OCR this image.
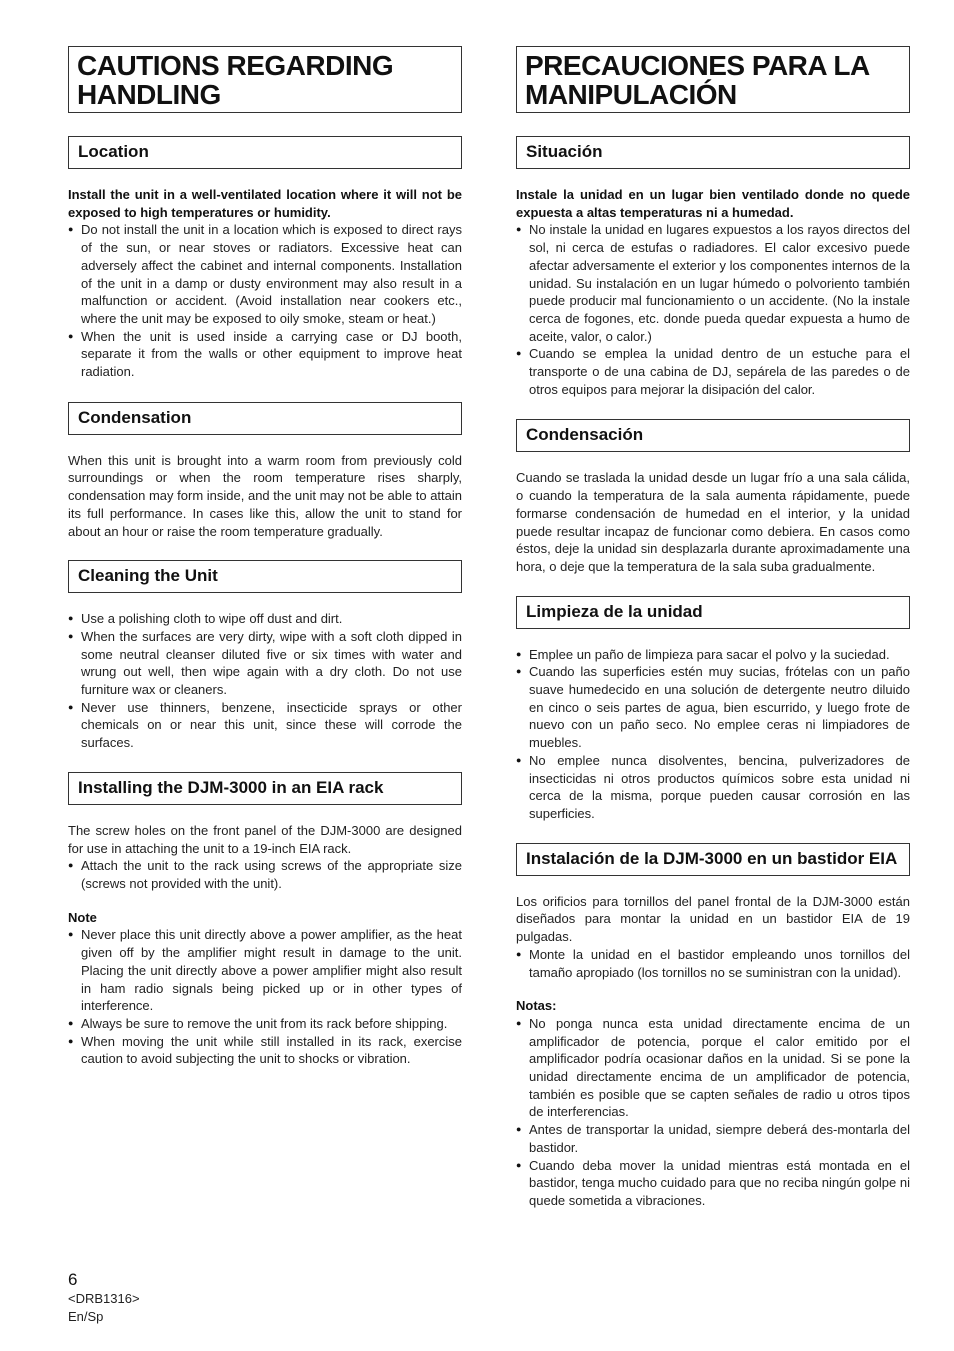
CAUTIONS REGARDING HANDLING
Location

Install the unit in a well-ventilated location where it will not be exposed to high temperatures or humidity.

● Do not install the unit in a location which is exposed to direct rays of the sun, or near stoves or radiators. Excessive heat can adversely affect the cabinet and internal components. Installation of the unit in a damp or dusty environment may also result in a malfunction or accident. (Avoid installation near cookers etc., where the unit may be exposed to oily smoke, steam or heat.)
● When the unit is used inside a carrying case or DJ booth, separate it from the walls or other equipment to improve heat radiation.
Condensation

When this unit is brought into a warm room from previously cold surroundings or when the room temperature rises sharply, condensation may form inside, and the unit may not be able to attain its full performance. In cases like this, allow the unit to stand for about an hour or raise the room temperature gradually.

Cleaning the Unit
● Use a polishing cloth to wipe off dust and dirt.
● When the surfaces are very dirty, wipe with a soft cloth dipped in some neutral cleanser diluted five or six times with water and wrung out well, then wipe again with a dry cloth. Do not use furniture wax or cleaners.
● Never use thinners, benzene, insecticide sprays or other chemicals on or near this unit, since these will corrode the surfaces.
Installing the DJM-3000 in an EIA rack

The screw holes on the front panel of the DJM-3000 are designed for use in attaching the unit to a 19-inch EIA rack.

● Attach the unit to the rack using screws of the appropriate size (screws not provided with the unit).

Note

● Never place this unit directly above a power amplifier, as the heat given off by the amplifier might result in damage to the unit. Placing the unit directly above a power amplifier might also result in ham radio signals being picked up or in other types of interference.
● Always be sure to remove the unit from its rack before shipping.
● When moving the unit while still installed in its rack, exercise caution to avoid subjecting the unit to shocks or vibration.
PRECAUCIONES PARA LA MANIPULACIÓN
Situación

Instale la unidad en un lugar bien ventilado donde no quede expuesta a altas temperaturas ni a humedad.

● No instale la unidad en lugares expuestos a los rayos directos del sol, ni cerca de estufas o radiadores. El calor excesivo puede afectar adversamente el exterior y los componentes internos de la unidad. Su instalación en un lugar húmedo o polvoriento también puede producir mal funcionamiento o un accidente. (No la instale cerca de fogones, etc. donde pueda quedar expuesta a humo de aceite, valor, o calor.)
● Cuando se emplea la unidad dentro de un estuche para el transporte o de una cabina de DJ, sepárela de las paredes o de otros equipos para mejorar la disipación del calor.
Condensación

Cuando se traslada la unidad desde un lugar frío a una sala cálida, o cuando la temperatura de la sala aumenta rápidamente, puede formarse condensación de humedad en el interior, y la unidad puede resultar incapaz de funcionar como debiera. En casos como éstos, deje la unidad sin desplazarla durante aproximadamente una hora, o deje que la temperatura de la sala suba gradualmente.

Limpieza de la unidad
● Emplee un paño de limpieza para sacar el polvo y la suciedad.
● Cuando las superficies estén muy sucias, frótelas con un paño suave humedecido en una solución de detergente neutro diluido en cinco o seis partes de agua, bien escurrido, y luego frote de nuevo con un paño seco. No emplee ceras ni limpiadores de muebles.
● No emplee nunca disolventes, bencina, pulverizadores de insecticidas ni otros productos químicos sobre esta unidad ni cerca de la misma, porque pueden causar corrosión en las superficies.
Instalación de la DJM-3000 en un bastidor EIA

Los orificios para tornillos del panel frontal de la DJM-3000 están diseñados para montar la unidad en un bastidor EIA de 19 pulgadas.

● Monte la unidad en el bastidor empleando unos tornillos del tamaño apropiado (los tornillos no se suministran con la unidad).

Notas:

● No ponga nunca esta unidad directamente encima de un amplificador de potencia, porque el calor emitido por el amplificador podría ocasionar daños en la unidad. Si se pone la unidad directamente encima de un amplificador de potencia, también es posible que se capten señales de radio u otros tipos de interferencias.
● Antes de transportar la unidad, siempre deberá des-montarla del bastidor.
● Cuando deba mover la unidad mientras está montada en el bastidor, tenga mucho cuidado para que no reciba ningún golpe ni quede sometida a vibraciones.
6
<DRB1316>
En/Sp
